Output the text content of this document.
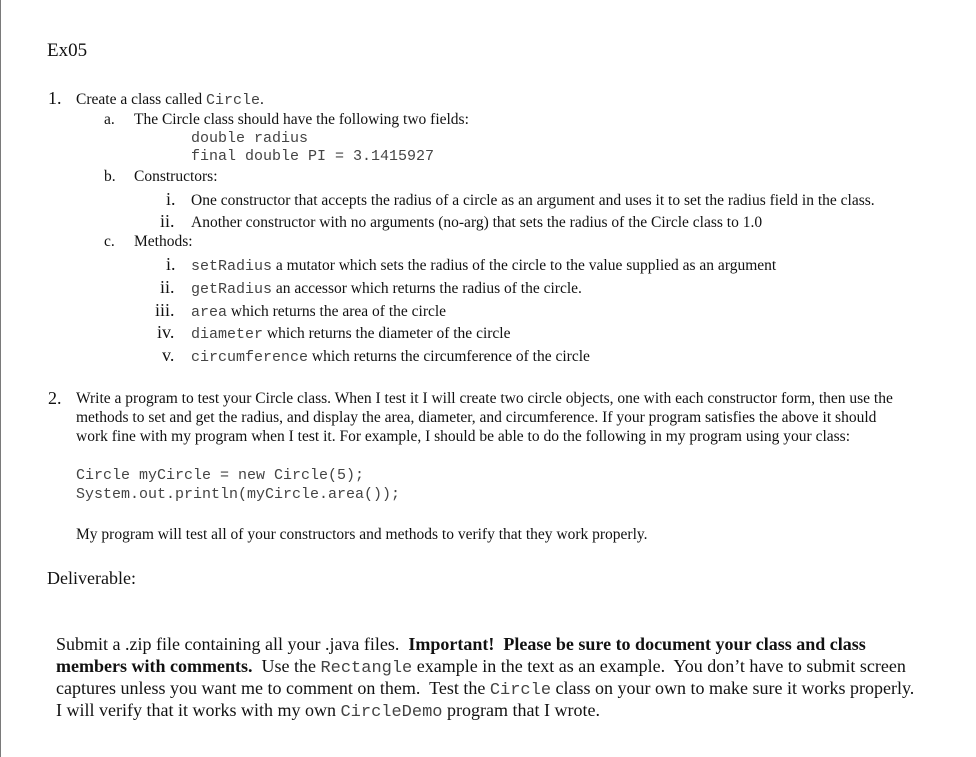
Ex05
1. Create a class called Circle.
a. The Circle class should have the following two fields:
double radius
final double PI = 3.1415927
b. Constructors:
i. One constructor that accepts the radius of a circle as an argument and uses it to set the radius field in the class.
ii. Another constructor with no arguments (no-arg) that sets the radius of the Circle class to 1.0
c. Methods:
i. setRadius a mutator which sets the radius of the circle to the value supplied as an argument
ii. getRadius an accessor which returns the radius of the circle.
iii. area which returns the area of the circle
iv. diameter which returns the diameter of the circle
v. circumference which returns the circumference of the circle
2. Write a program to test your Circle class. When I test it I will create two circle objects, one with each constructor form, then use the
methods to set and get the radius, and display the area, diameter, and circumference. If your program satisfies the above it should
work fine with my program when I test it. For example, I should be able to do the following in my program using your class:
Circle myCircle = new Circle(5);
System.out.println(myCircle.area());
My program will test all of your constructors and methods to verify that they work properly.
Deliverable:

Submit a .zip file containing all your .java files.  Important!  Please be sure to document your class and class

members with comments.  Use the Rectangle example in the text as an example.  You don’t have to submit screen

captures unless you want me to comment on them.  Test the Circle class on your own to make sure it works properly.

I will verify that it works with my own CircleDemo program that I wrote.
